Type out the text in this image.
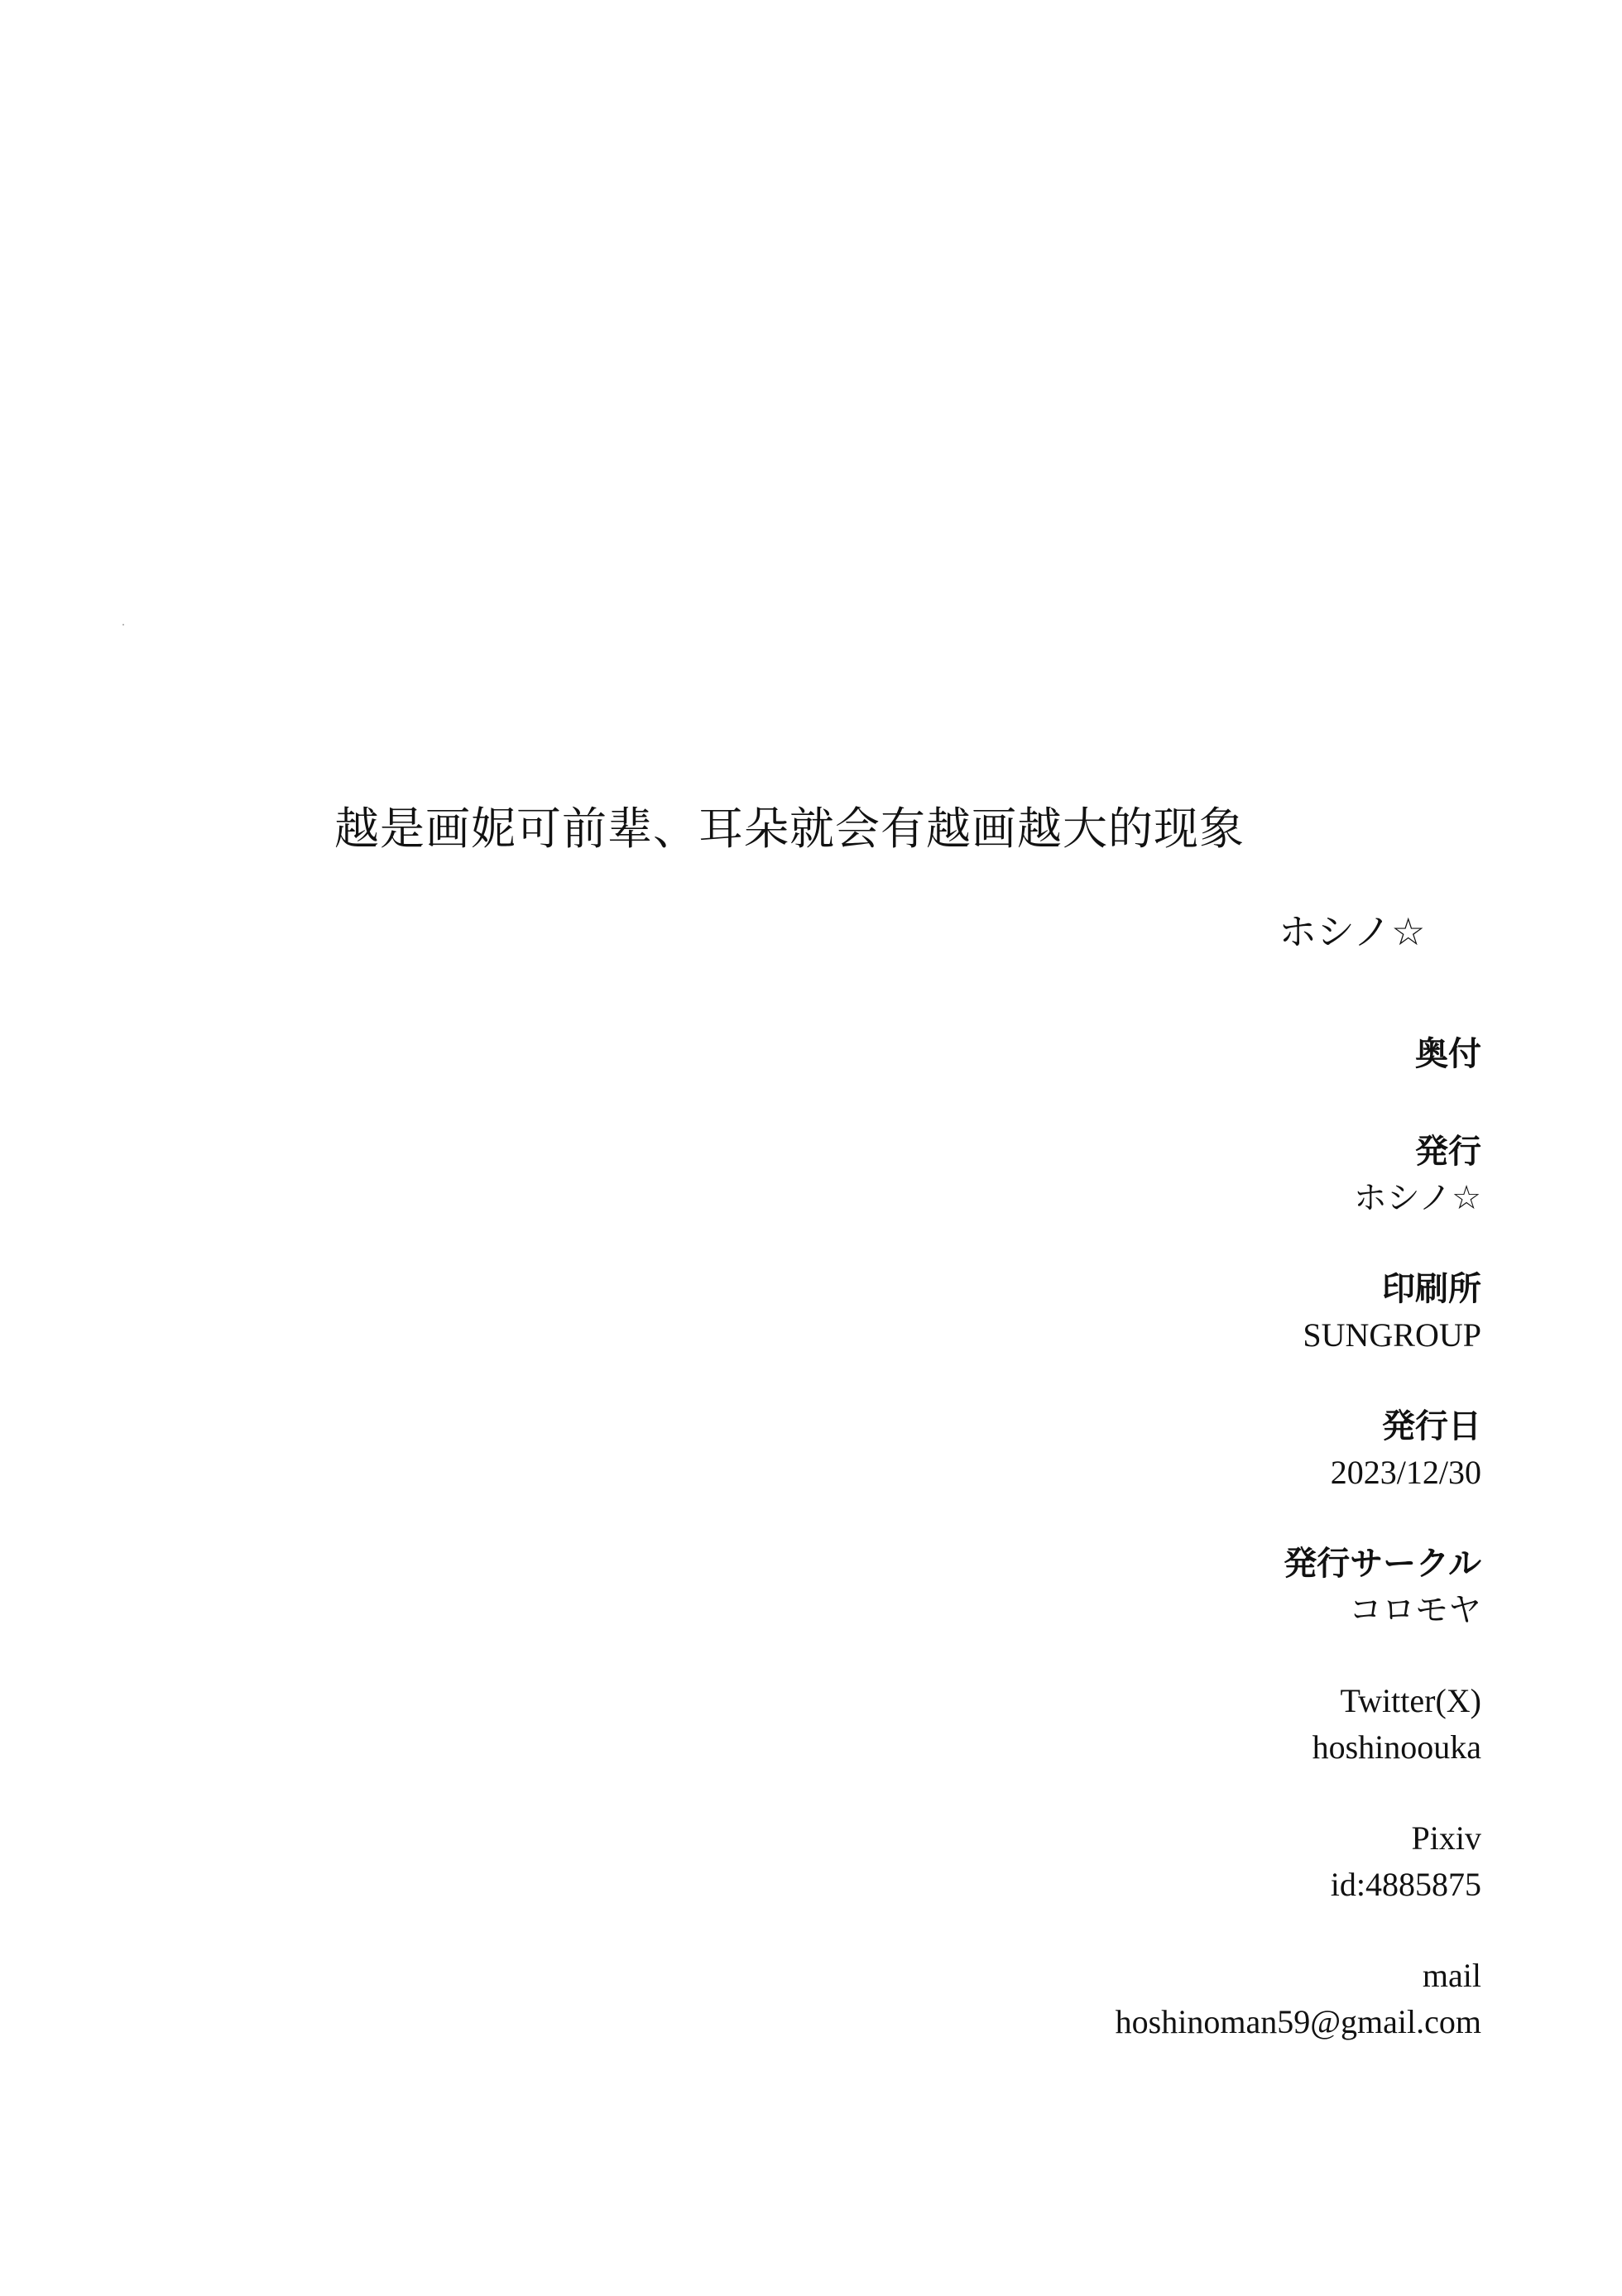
越是画妮可前辈、耳朵就会有越画越大的现象
ホシノ☆
奥付
発行
ホシノ☆
印刷所
SUNGROUP
発行日
2023/12/30
発行サークル
コロモヤ
Twitter(X)
hoshinoouka
Pixiv
id:4885875
mail
hoshinoman59@gmail.com
